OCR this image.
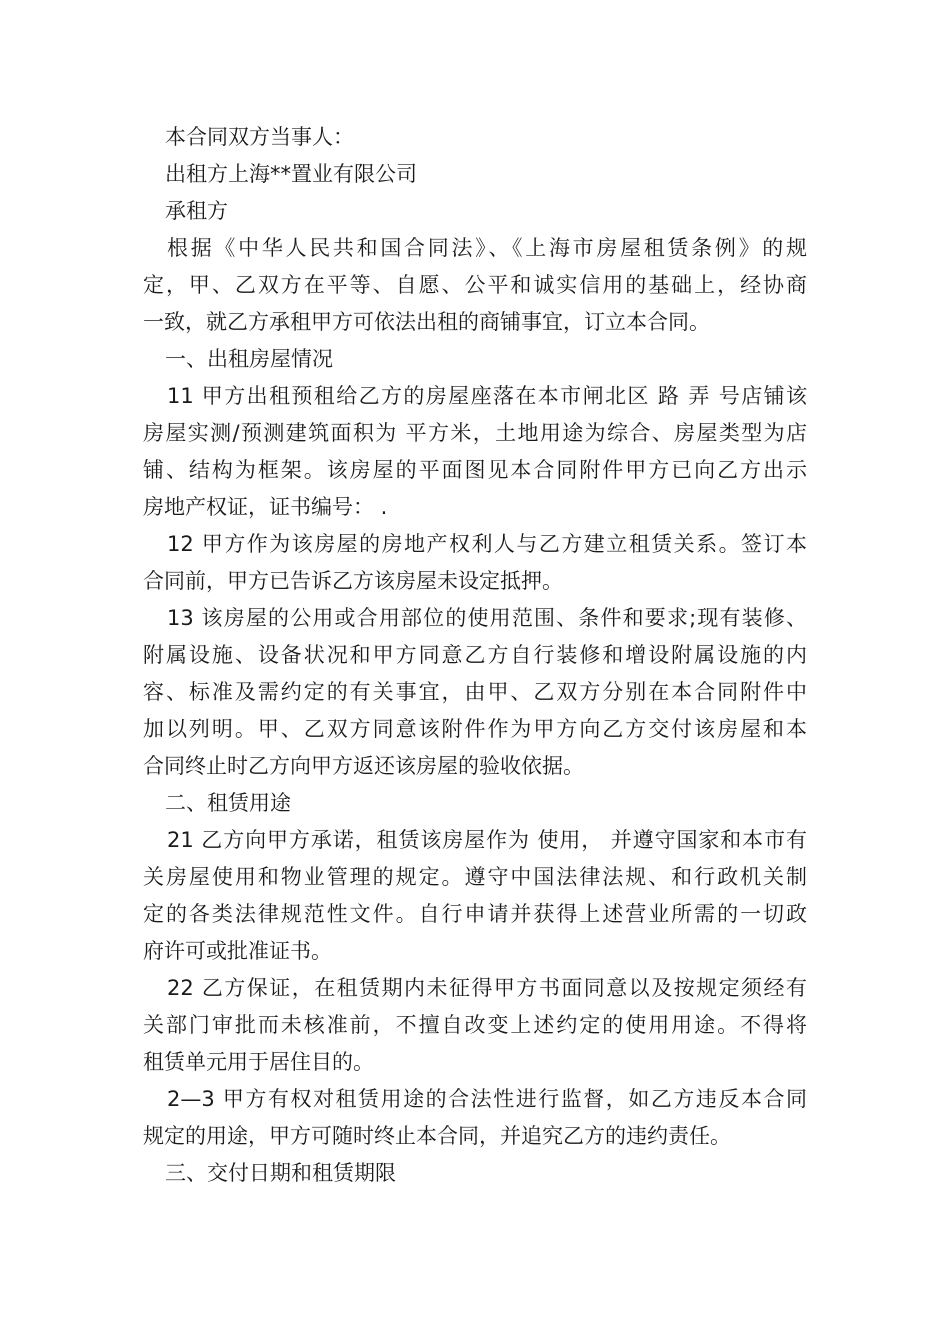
本合同双方当事人：
出租方上海**置业有限公司
承租方
根据《中华人民共和国合同法》、《上海市房屋租赁条例》的规
定，甲、乙双方在平等、自愿、公平和诚实信用的基础上，经协商
一致，就乙方承租甲方可依法出租的商铺事宜，订立本合同。
一、出租房屋情况
11 甲方出租预租给乙方的房屋座落在本市闸北区 路 弄 号店铺该
房屋实测/预测建筑面积为 平方米，土地用途为综合、房屋类型为店
铺、结构为框架。该房屋的平面图见本合同附件甲方已向乙方出示
房地产权证，证书编号： .
12 甲方作为该房屋的房地产权利人与乙方建立租赁关系。签订本
合同前，甲方已告诉乙方该房屋未设定抵押。
13 该房屋的公用或合用部位的使用范围、条件和要求;现有装修、
附属设施、设备状况和甲方同意乙方自行装修和增设附属设施的内
容、标准及需约定的有关事宜，由甲、乙双方分别在本合同附件中
加以列明。甲、乙双方同意该附件作为甲方向乙方交付该房屋和本
合同终止时乙方向甲方返还该房屋的验收依据。
二、租赁用途
21 乙方向甲方承诺，租赁该房屋作为 使用， 并遵守国家和本市有
关房屋使用和物业管理的规定。遵守中国法律法规、和行政机关制
定的各类法律规范性文件。自行申请并获得上述营业所需的一切政
府许可或批准证书。
22 乙方保证，在租赁期内未征得甲方书面同意以及按规定须经有
关部门审批而未核准前，不擅自改变上述约定的使用用途。不得将
租赁单元用于居住目的。
2—3 甲方有权对租赁用途的合法性进行监督，如乙方违反本合同
规定的用途，甲方可随时终止本合同，并追究乙方的违约责任。
三、交付日期和租赁期限
